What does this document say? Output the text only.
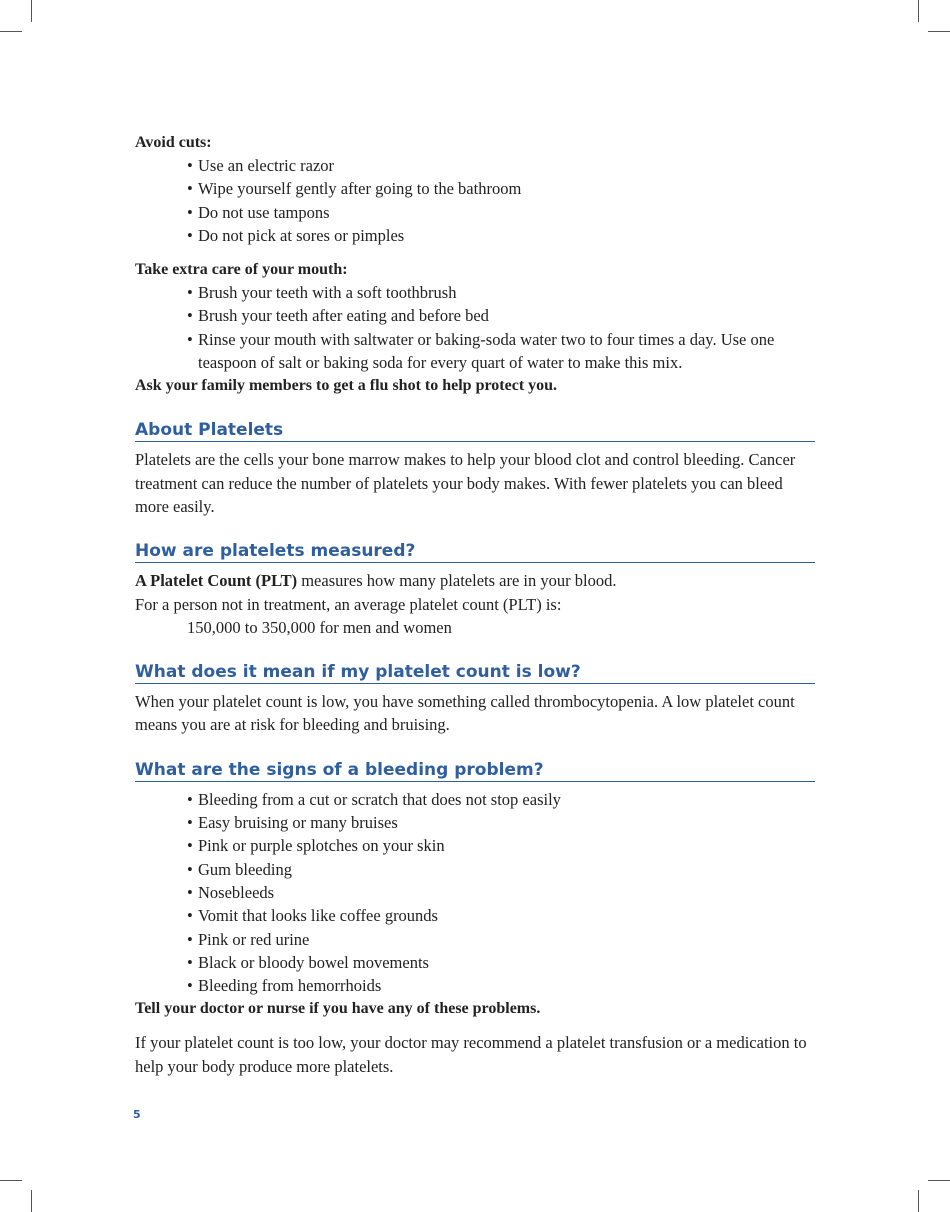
Avoid cuts:
• Use an electric razor
• Wipe yourself gently after going to the bathroom
• Do not use tampons
• Do not pick at sores or pimples
Take extra care of your mouth:
• Brush your teeth with a soft toothbrush
• Brush your teeth after eating and before bed
• Rinse your mouth with saltwater or baking-soda water two to four times a day. Use one teaspoon of salt or baking soda for every quart of water to make this mix.
Ask your family members to get a flu shot to help protect you.
About Platelets

Platelets are the cells your bone marrow makes to help your blood clot and control bleeding. Cancer treatment can reduce the number of platelets your body makes. With fewer platelets you can bleed more easily.

How are platelets measured?

A Platelet Count (PLT) measures how many platelets are in your blood.

For a person not in treatment, an average platelet count (PLT) is:

150,000 to 350,000 for men and women

What does it mean if my platelet count is low?

When your platelet count is low, you have something called thrombocytopenia. A low platelet count means you are at risk for bleeding and bruising.

What are the signs of a bleeding problem?
• Bleeding from a cut or scratch that does not stop easily
• Easy bruising or many bruises
• Pink or purple splotches on your skin
• Gum bleeding
• Nosebleeds
• Vomit that looks like coffee grounds
• Pink or red urine
• Black or bloody bowel movements
• Bleeding from hemorrhoids
Tell your doctor or nurse if you have any of these problems.

If your platelet count is too low, your doctor may recommend a platelet transfusion or a medication to help your body produce more platelets.

5
